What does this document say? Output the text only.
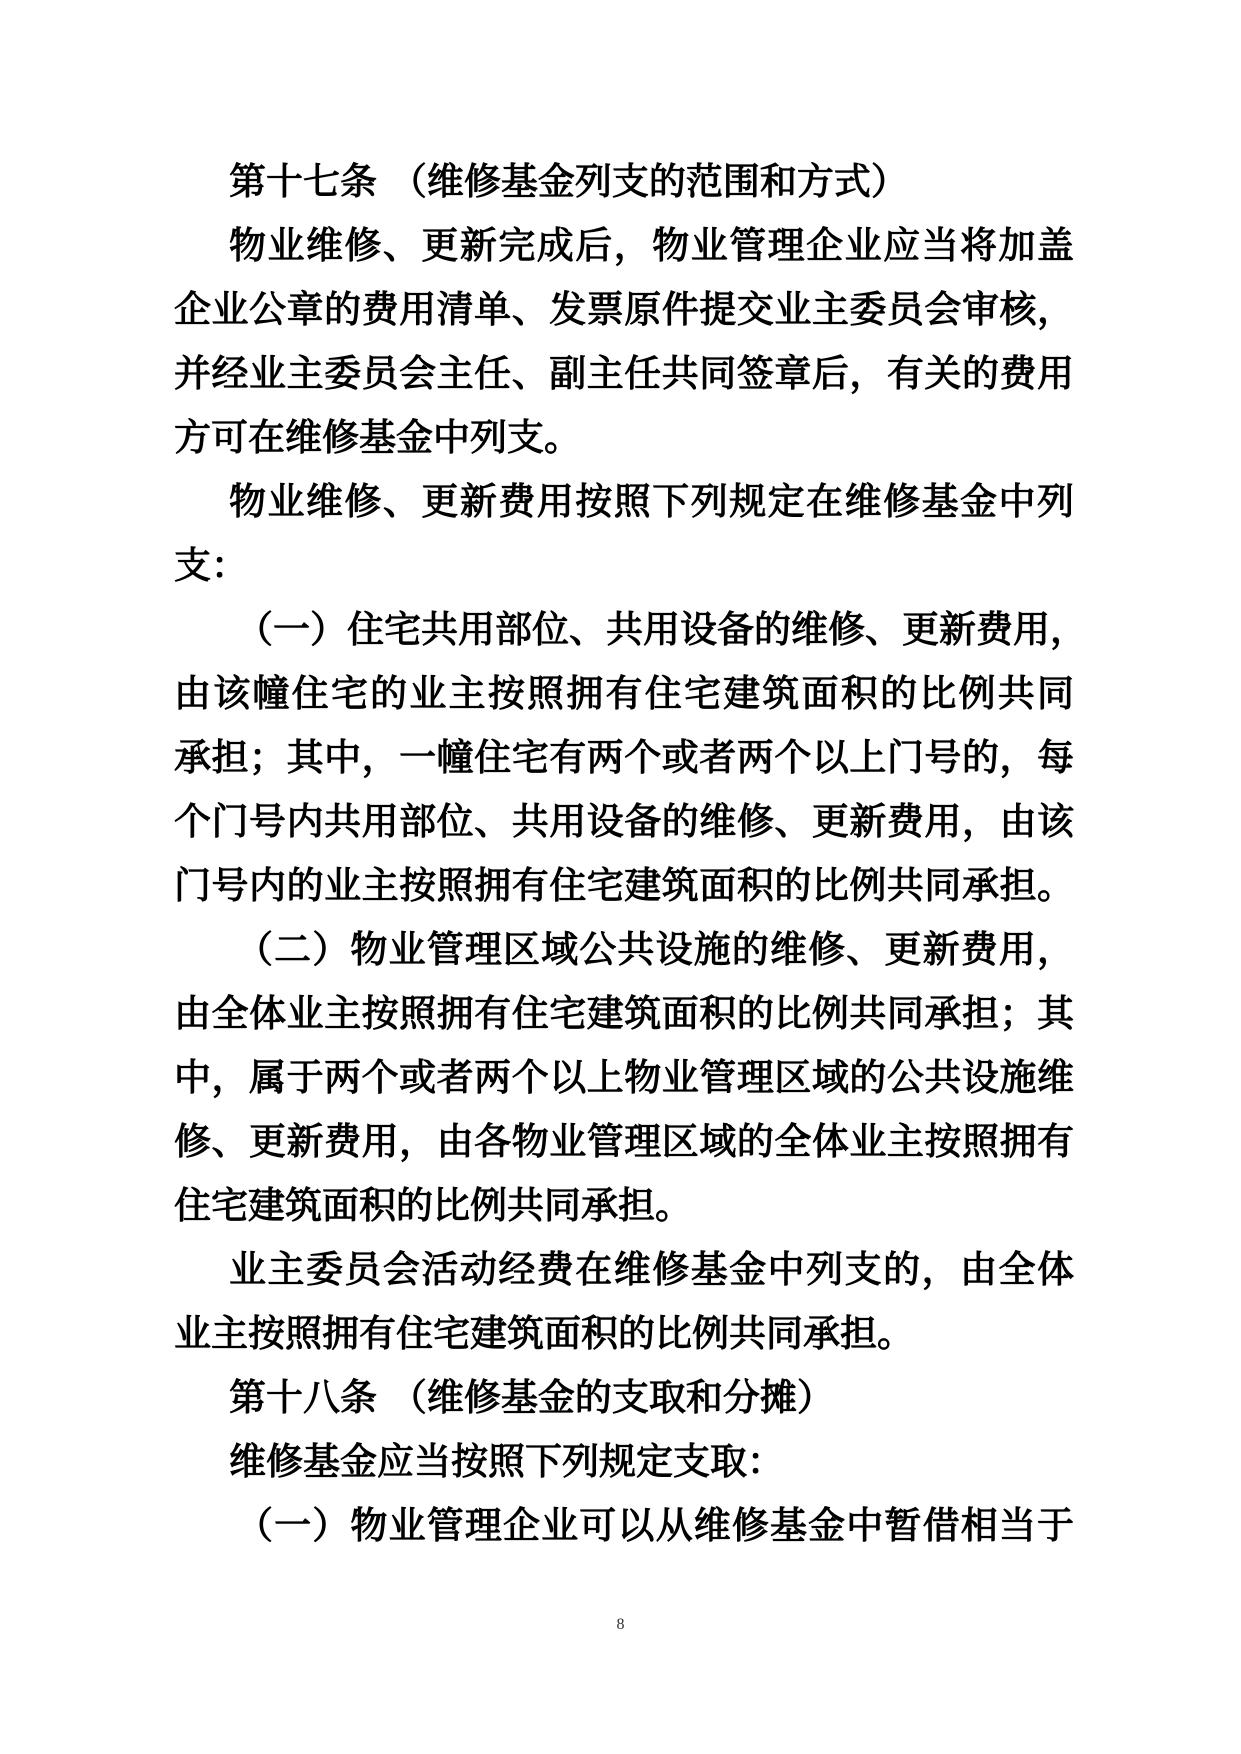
第十七条 （维修基金列支的范围和方式）
物业维修、更新完成后，物业管理企业应当将加盖
企业公章的费用清单、发票原件提交业主委员会审核，
并经业主委员会主任、副主任共同签章后，有关的费用
方可在维修基金中列支。
物业维修、更新费用按照下列规定在维修基金中列
支：
（一）住宅共用部位、共用设备的维修、更新费用，
由该幢住宅的业主按照拥有住宅建筑面积的比例共同
承担；其中，一幢住宅有两个或者两个以上门号的，每
个门号内共用部位、共用设备的维修、更新费用，由该
门号内的业主按照拥有住宅建筑面积的比例共同承担。
（二）物业管理区域公共设施的维修、更新费用，
由全体业主按照拥有住宅建筑面积的比例共同承担；其
中，属于两个或者两个以上物业管理区域的公共设施维
修、更新费用，由各物业管理区域的全体业主按照拥有
住宅建筑面积的比例共同承担。
业主委员会活动经费在维修基金中列支的，由全体
业主按照拥有住宅建筑面积的比例共同承担。
第十八条 （维修基金的支取和分摊）
维修基金应当按照下列规定支取：
（一）物业管理企业可以从维修基金中暂借相当于
8
